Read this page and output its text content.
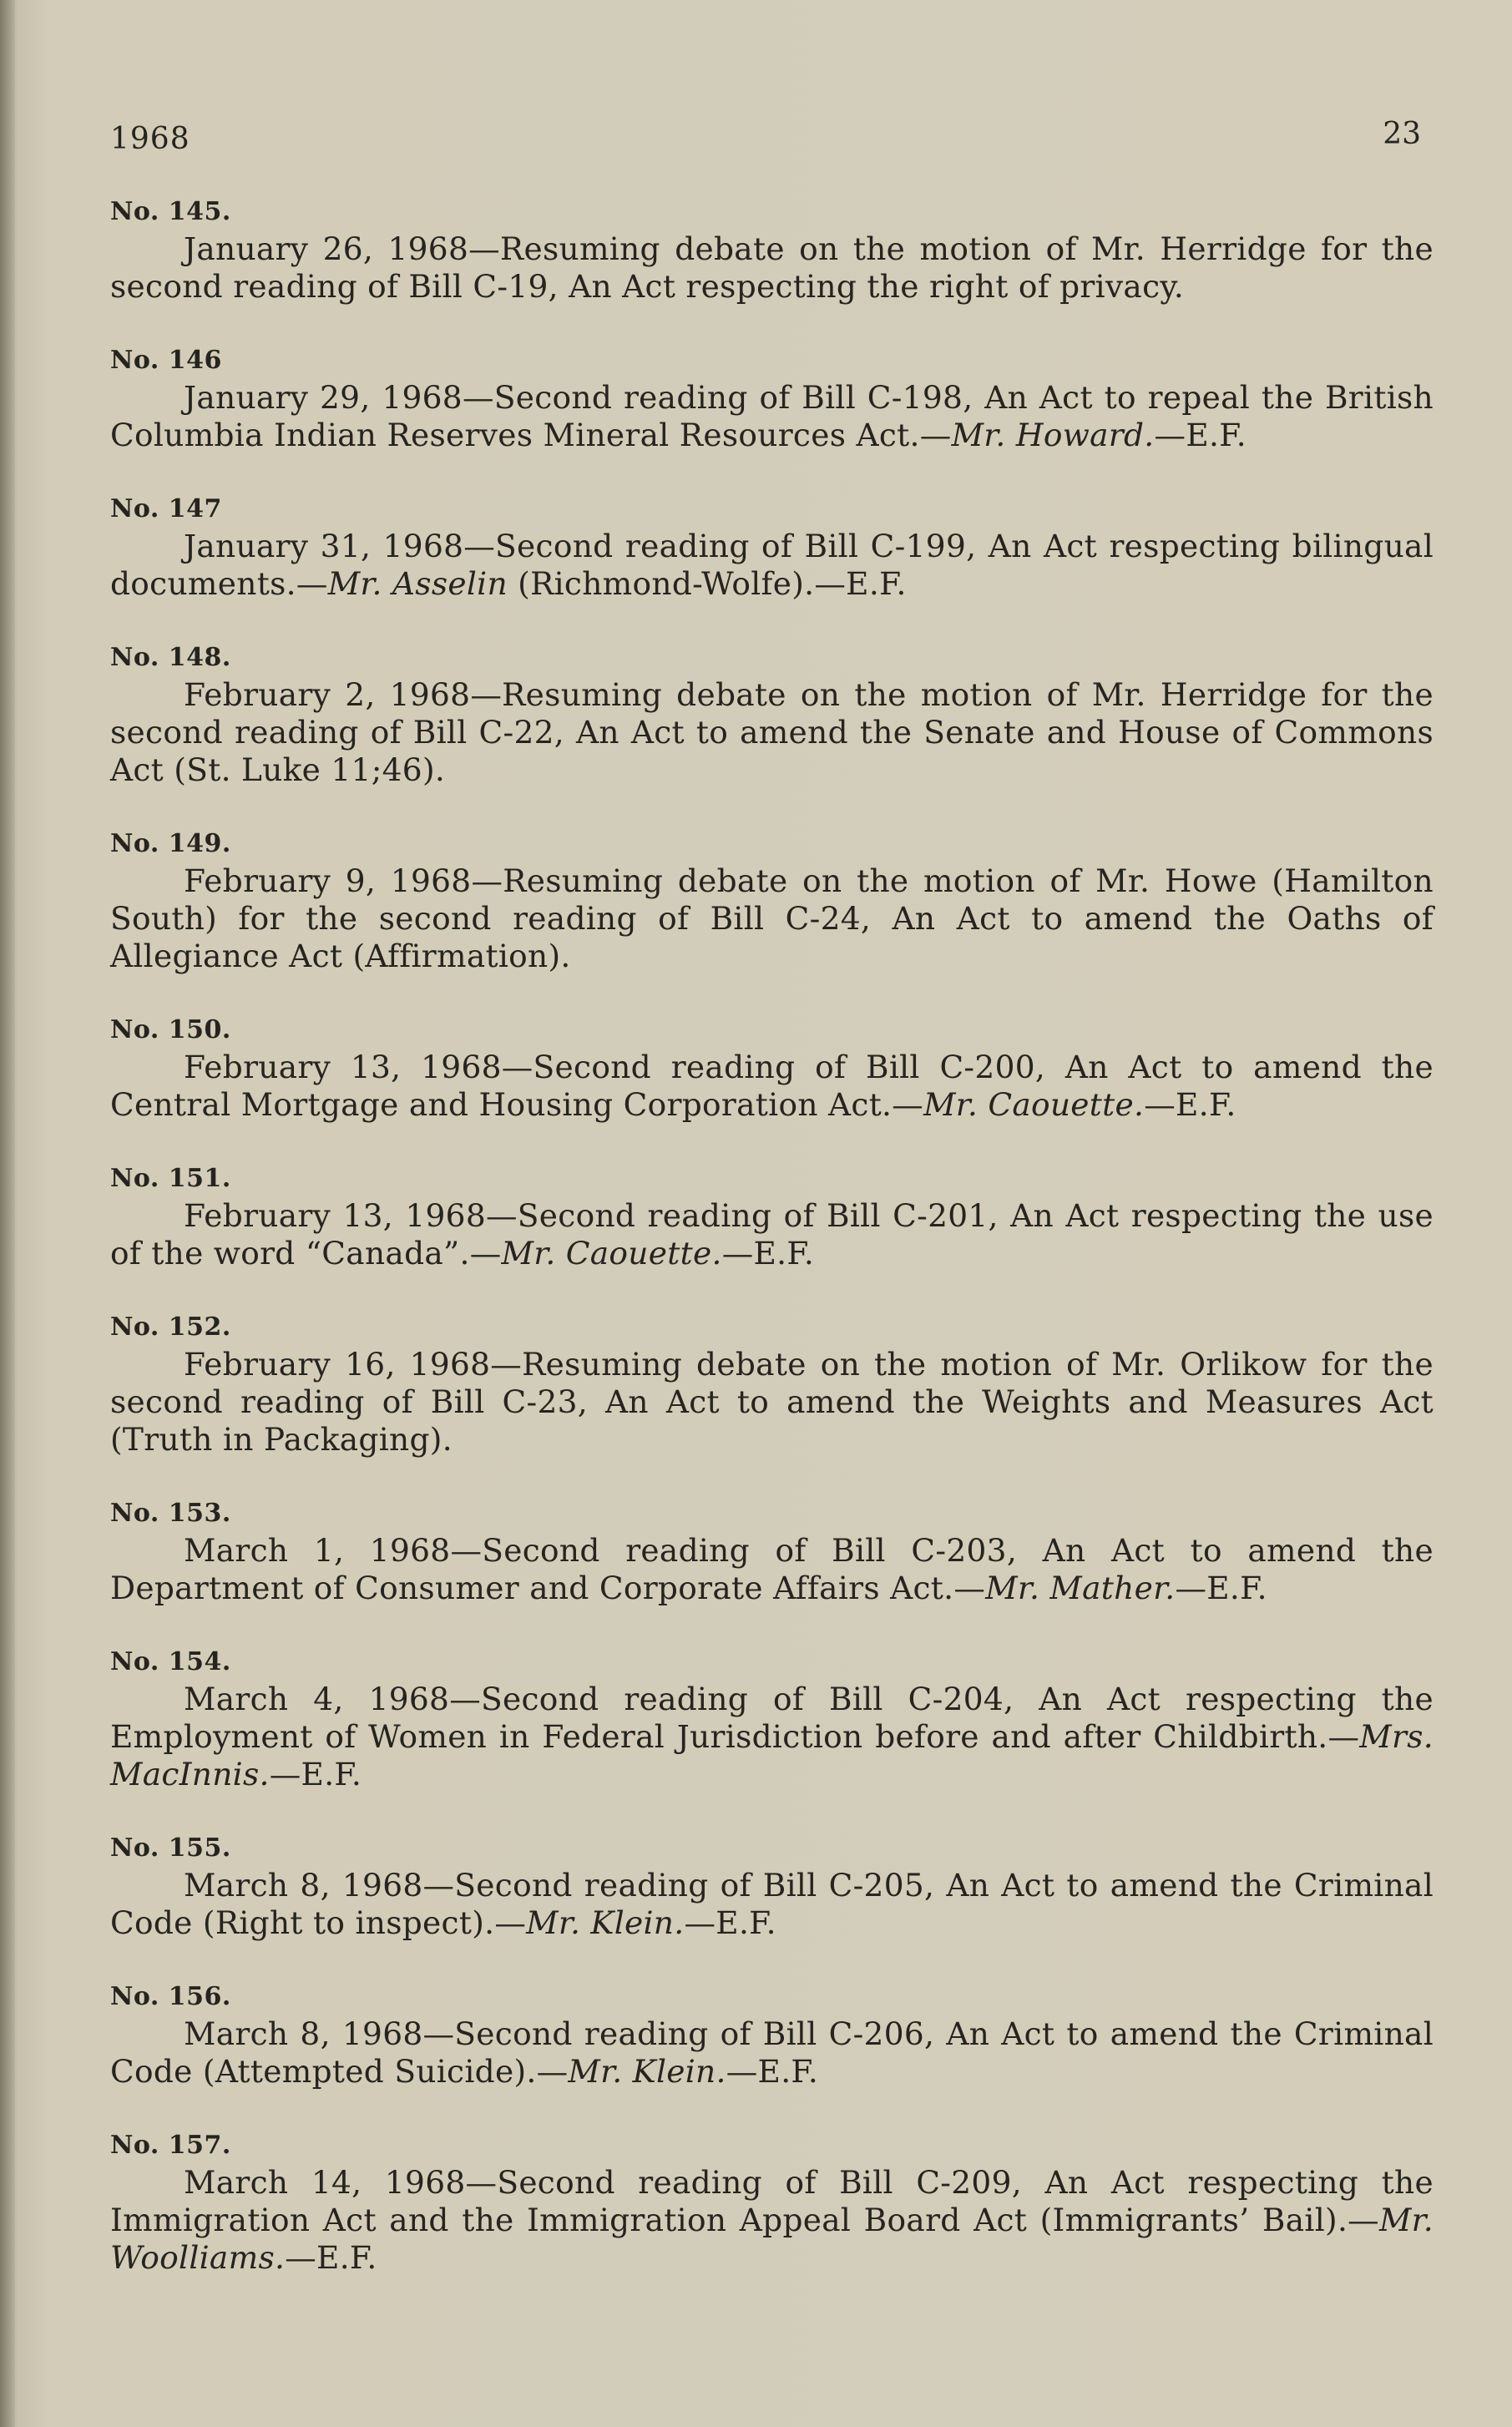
1968	23
No. 145.
January 26, 1968—Resuming debate on the motion of Mr. Herridge for the second reading of Bill C-19, An Act respecting the right of privacy.
No. 146
January 29, 1968—Second reading of Bill C-198, An Act to repeal the British Columbia Indian Reserves Mineral Resources Act.—Mr. Howard.—E.F.
No. 147
January 31, 1968—Second reading of Bill C-199, An Act respecting bilingual documents.—Mr. Asselin (Richmond-Wolfe).—E.F.
No. 148.
February 2, 1968—Resuming debate on the motion of Mr. Herridge for the second reading of Bill C-22, An Act to amend the Senate and House of Commons Act (St. Luke 11;46).
No. 149.
February 9, 1968—Resuming debate on the motion of Mr. Howe (Hamilton South) for the second reading of Bill C-24, An Act to amend the Oaths of Allegiance Act (Affirmation).
No. 150.
February 13, 1968—Second reading of Bill C-200, An Act to amend the Central Mortgage and Housing Corporation Act.—Mr. Caouette.—E.F.
No. 151.
February 13, 1968—Second reading of Bill C-201, An Act respecting the use of the word “Canada”.—Mr. Caouette.—E.F.
No. 152.
February 16, 1968—Resuming debate on the motion of Mr. Orlikow for the second reading of Bill C-23, An Act to amend the Weights and Measures Act (Truth in Packaging).
No. 153.
March 1, 1968—Second reading of Bill C-203, An Act to amend the Department of Consumer and Corporate Affairs Act.—Mr. Mather.—E.F.
No. 154.
March 4, 1968—Second reading of Bill C-204, An Act respecting the Employment of Women in Federal Jurisdiction before and after Childbirth.—Mrs. MacInnis.—E.F.
No. 155.
March 8, 1968—Second reading of Bill C-205, An Act to amend the Criminal Code (Right to inspect).—Mr. Klein.—E.F.
No. 156.
March 8, 1968—Second reading of Bill C-206, An Act to amend the Criminal Code (Attempted Suicide).—Mr. Klein.—E.F.
No. 157.
March 14, 1968—Second reading of Bill C-209, An Act respecting the Immigration Act and the Immigration Appeal Board Act (Immigrants’ Bail).—Mr. Woolliams.—E.F.
